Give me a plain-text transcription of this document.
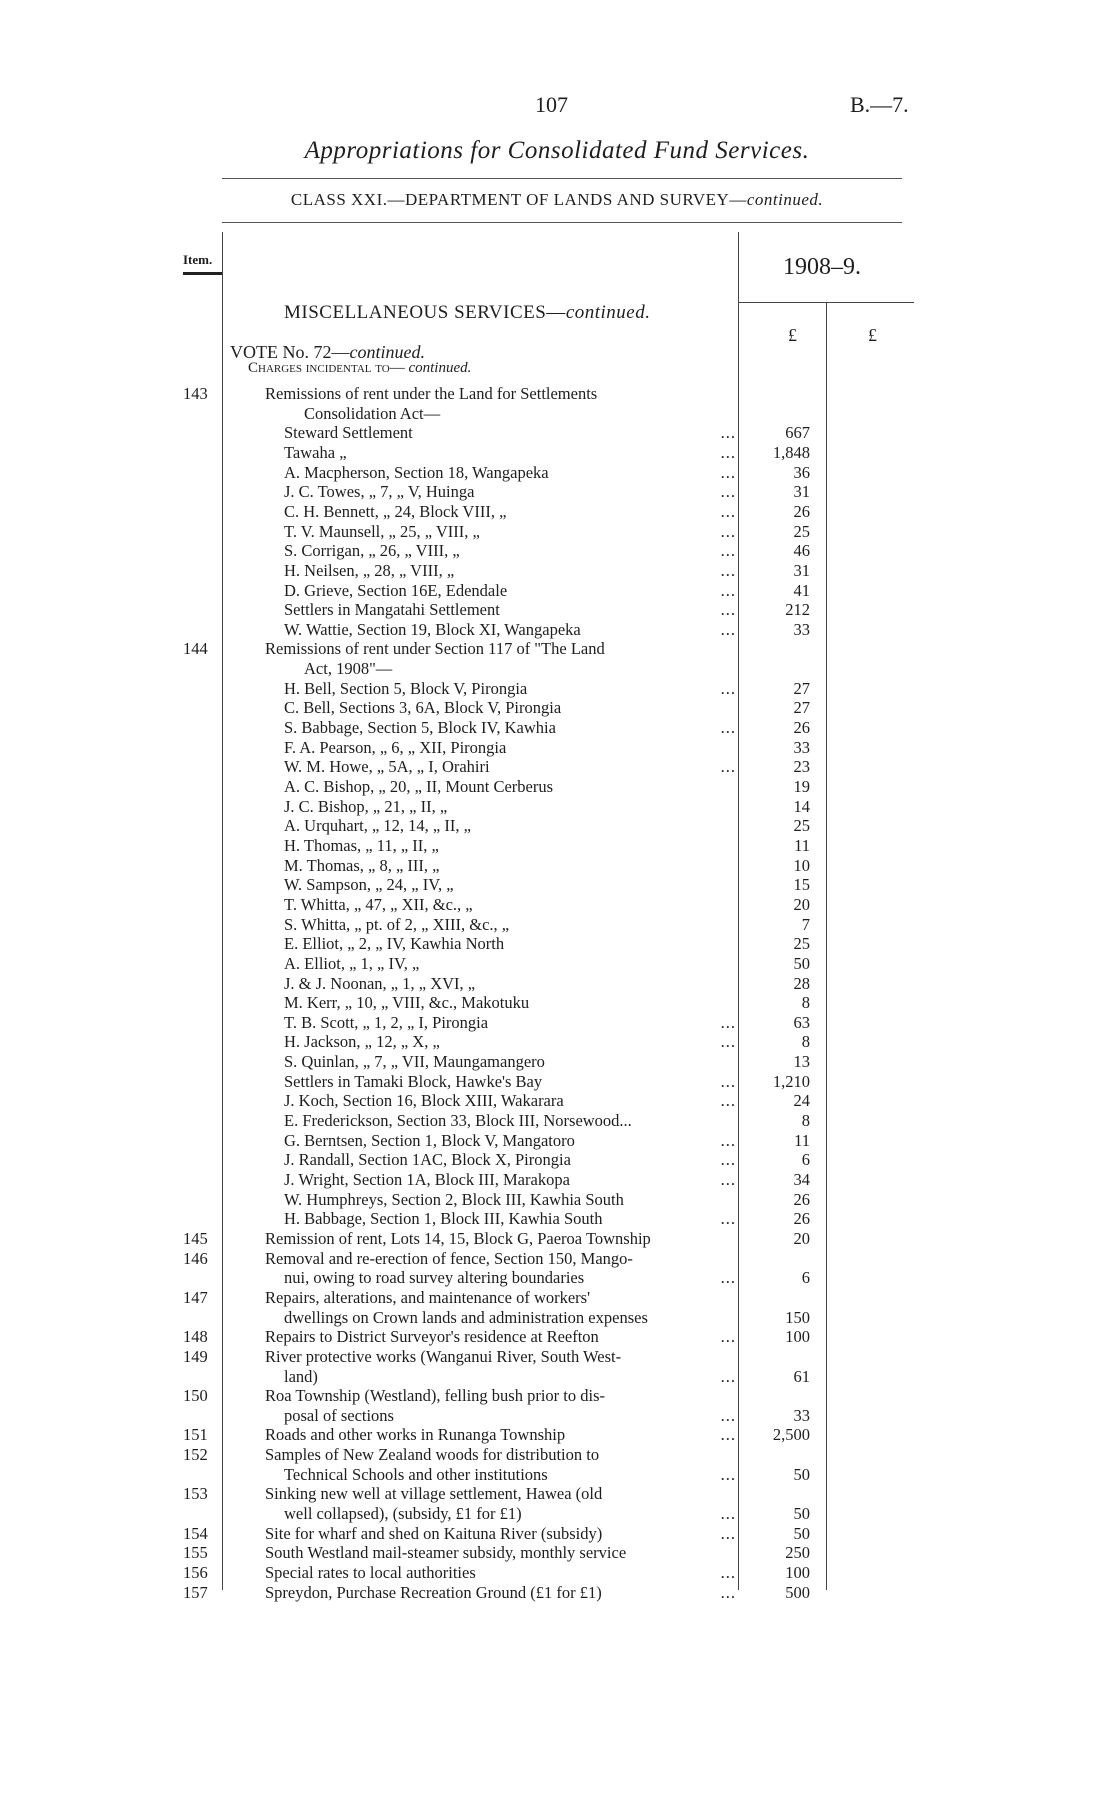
107	B.—7.
Appropriations for Consolidated Fund Services.
CLASS XXI.—DEPARTMENT OF LANDS AND SURVEY—continued.
Item.	1908–9.
£	£
MISCELLANEOUS SERVICES—continued.
VOTE No. 72—continued.
Charges incidental to— continued.
143	Remissions of rent under the Land for Settlements
Consolidation Act—
Steward Settlement	...	667
Tawaha „	...	1,848
A. Macpherson, Section 18, Wangapeka	...	36
J. C. Towes, „ 7, „ V, Huinga	...	31
C. H. Bennett, „ 24, Block VIII, „	...	26
T. V. Maunsell, „ 25, „ VIII, „	...	25
S. Corrigan, „ 26, „ VIII, „	...	46
H. Neilsen, „ 28, „ VIII, „	...	31
D. Grieve, Section 16E, Edendale	...	41
Settlers in Mangatahi Settlement	...	212
W. Wattie, Section 19, Block XI, Wangapeka	...	33
144	Remissions of rent under Section 117 of "The Land
Act, 1908"—
H. Bell, Section 5, Block V, Pirongia	...	27
C. Bell, Sections 3, 6A, Block V, Pirongia	27
S. Babbage, Section 5, Block IV, Kawhia	...	26
F. A. Pearson, „ 6, „ XII, Pirongia	33
W. M. Howe, „ 5A, „ I, Orahiri	...	23
A. C. Bishop, „ 20, „ II, Mount Cerberus	19
J. C. Bishop, „ 21, „ II, „	14
A. Urquhart, „ 12, 14, „ II, „	25
H. Thomas, „ 11, „ II, „	11
M. Thomas, „ 8, „ III, „	10
W. Sampson, „ 24, „ IV, „	15
T. Whitta, „ 47, „ XII, &c., „	20
S. Whitta, „ pt. of 2, „ XIII, &c., „	7
E. Elliot, „ 2, „ IV, Kawhia North	25
A. Elliot, „ 1, „ IV, „	50
J. & J. Noonan, „ 1, „ XVI, „	28
M. Kerr, „ 10, „ VIII, &c., Makotuku	8
T. B. Scott, „ 1, 2, „ I, Pirongia	...	63
H. Jackson, „ 12, „ X, „	...	8
S. Quinlan, „ 7, „ VII, Maungamangero	13
Settlers in Tamaki Block, Hawke's Bay	...	1,210
J. Koch, Section 16, Block XIII, Wakarara	...	24
E. Frederickson, Section 33, Block III, Norsewood...	8
G. Berntsen, Section 1, Block V, Mangatoro	...	11
J. Randall, Section 1AC, Block X, Pirongia	...	6
J. Wright, Section 1A, Block III, Marakopa	...	34
W. Humphreys, Section 2, Block III, Kawhia South	26
H. Babbage, Section 1, Block III, Kawhia South	...	26
145	Remission of rent, Lots 14, 15, Block G, Paeroa Township	20
146	Removal and re-erection of fence, Section 150, Mango-
nui, owing to road survey altering boundaries	...	6
147	Repairs, alterations, and maintenance of workers'
dwellings on Crown lands and administration expenses	150
148	Repairs to District Surveyor's residence at Reefton	...	100
149	River protective works (Wanganui River, South West-
land)	...	61
150	Roa Township (Westland), felling bush prior to dis-
posal of sections	...	33
151	Roads and other works in Runanga Township	...	2,500
152	Samples of New Zealand woods for distribution to
Technical Schools and other institutions	...	50
153	Sinking new well at village settlement, Hawea (old
well collapsed), (subsidy, £1 for £1)	...	50
154	Site for wharf and shed on Kaituna River (subsidy)	...	50
155	South Westland mail-steamer subsidy, monthly service	250
156	Special rates to local authorities	...	100
157	Spreydon, Purchase Recreation Ground (£1 for £1)	...	500
